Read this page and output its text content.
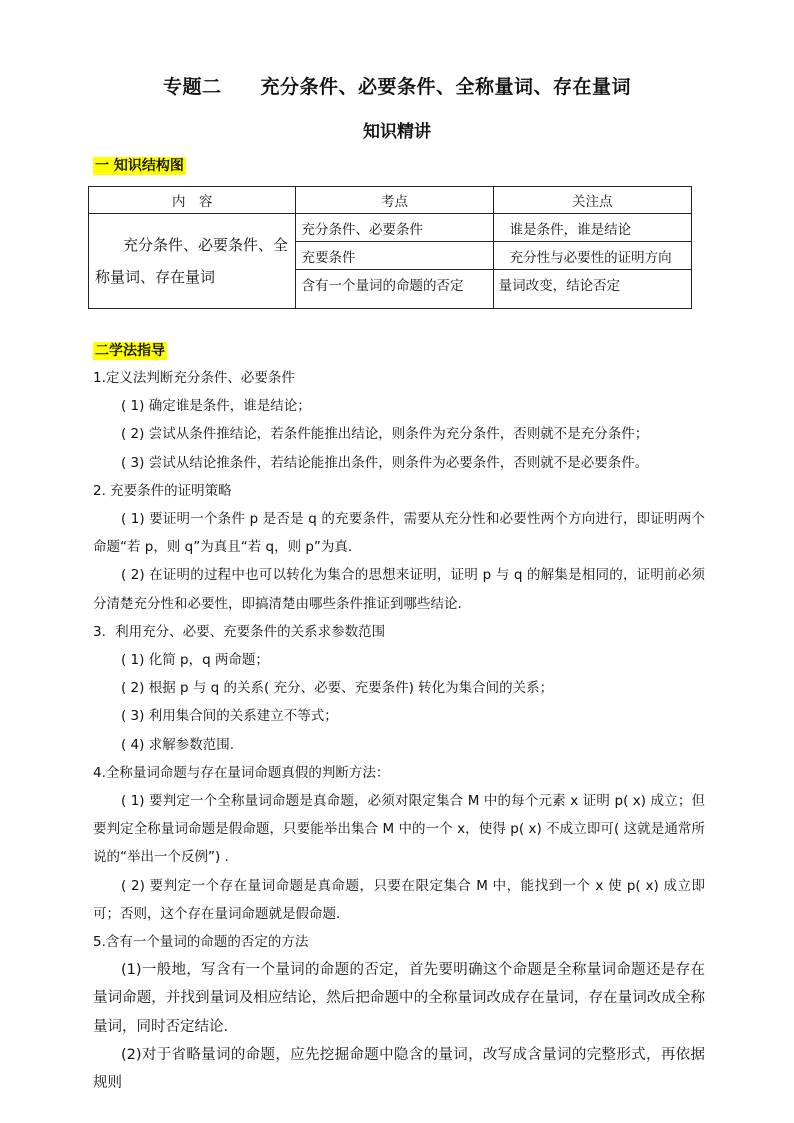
专题二　　充分条件、必要条件、全称量词、存在量词
知识精讲
一 知识结构图
内　容	考点	关注点
充分条件、必要条件、全称量词、存在量词	充分条件、必要条件	谁是条件，谁是结论
	充要条件	充分性与必要性的证明方向
	含有一个量词的命题的否定	量词改变，结论否定
二学法指导

1.定义法判断充分条件、必要条件

( 1) 确定谁是条件，谁是结论；

( 2) 尝试从条件推结论，若条件能推出结论，则条件为充分条件，否则就不是充分条件；

( 3) 尝试从结论推条件，若结论能推出条件，则条件为必要条件，否则就不是必要条件。

2. 充要条件的证明策略

( 1) 要证明一个条件 p 是否是 q 的充要条件，需要从充分性和必要性两个方向进行，即证明两个命题“若 p，则 q”为真且“若 q，则 p”为真.

( 2) 在证明的过程中也可以转化为集合的思想来证明，证明 p 与 q 的解集是相同的，证明前必须分清楚充分性和必要性，即搞清楚由哪些条件推证到哪些结论.

3．利用充分、必要、充要条件的关系求参数范围

( 1) 化简 p，q 两命题；

( 2) 根据 p 与 q 的关系( 充分、必要、充要条件) 转化为集合间的关系；

( 3) 利用集合间的关系建立不等式；

( 4) 求解参数范围.

4.全称量词命题与存在量词命题真假的判断方法：

( 1) 要判定一个全称量词命题是真命题，必须对限定集合 M 中的每个元素 x 证明 p( x) 成立；但要判定全称量词命题是假命题，只要能举出集合 M 中的一个 x，使得 p( x) 不成立即可( 这就是通常所说的“举出一个反例”) .

( 2) 要判定一个存在量词命题是真命题，只要在限定集合 M 中，能找到一个 x 使 p( x) 成立即可；否则，这个存在量词命题就是假命题.

5.含有一个量词的命题的否定的方法

(1)一般地，写含有一个量词的命题的否定，首先要明确这个命题是全称量词命题还是存在量词命题，并找到量词及相应结论，然后把命题中的全称量词改成存在量词，存在量词改成全称量词，同时否定结论．

(2)对于省略量词的命题，应先挖掘命题中隐含的量词，改写成含量词的完整形式，再依据规则
